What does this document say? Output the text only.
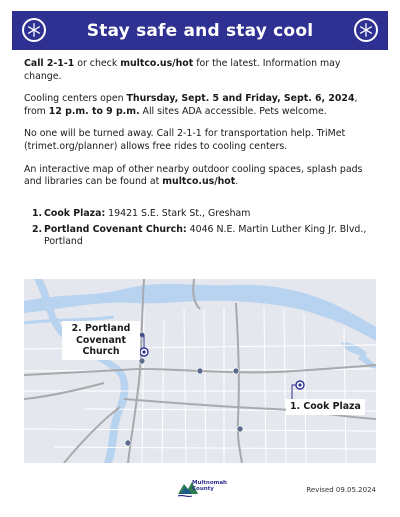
Stay safe and stay cool

Call 2-1-1 or check multco.us/hot for the latest. Information may change.

Cooling centers open Thursday, Sept. 5 and Friday, Sept. 6, 2024, from 12 p.m. to 9 p.m. All sites ADA accessible. Pets welcome.

No one will be turned away. Call 2-1-1 for transportation help. TriMet (trimet.org/planner) allows free rides to cooling centers.

An interactive map of other nearby outdoor cooling spaces, splash pads and libraries can be found at multco.us/hot.

1. Cook Plaza: 19421 S.E. Stark St., Gresham
2. Portland Covenant Church: 4046 N.E. Martin Luther King Jr. Blvd., Portland
2. Portland
Covenant
Church
1. Cook Plaza
Multnomah
County	Revised 09.05.2024
